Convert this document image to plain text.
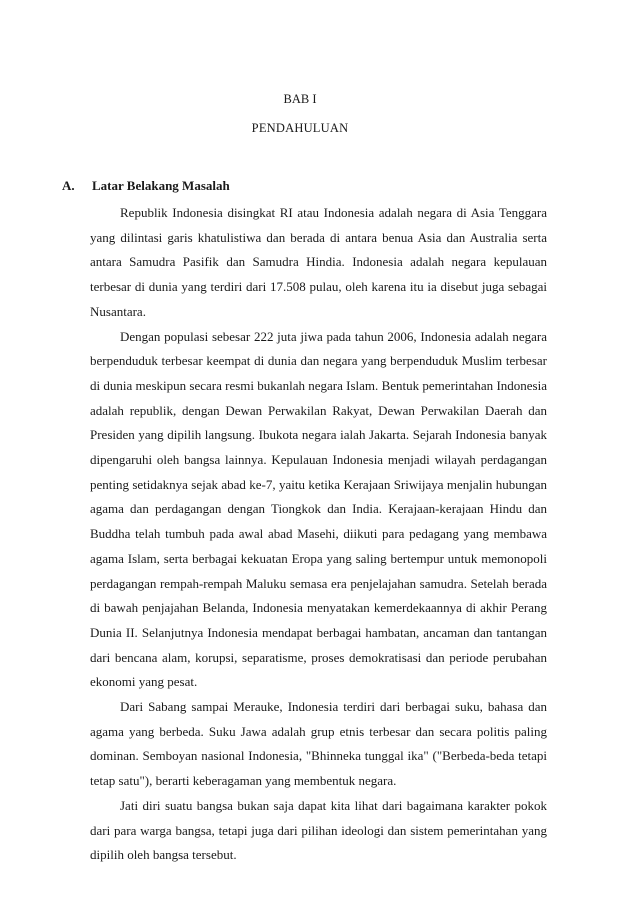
BAB I
PENDAHULUAN
A. Latar Belakang Masalah

Republik Indonesia disingkat RI atau Indonesia adalah negara di Asia Tenggara yang dilintasi garis khatulistiwa dan berada di antara benua Asia dan Australia serta antara Samudra Pasifik dan Samudra Hindia. Indonesia adalah negara kepulauan terbesar di dunia yang terdiri dari 17.508 pulau, oleh karena itu ia disebut juga sebagai Nusantara.

Dengan populasi sebesar 222 juta jiwa pada tahun 2006, Indonesia adalah negara berpenduduk terbesar keempat di dunia dan negara yang berpenduduk Muslim terbesar di dunia meskipun secara resmi bukanlah negara Islam. Bentuk pemerintahan Indonesia adalah republik, dengan Dewan Perwakilan Rakyat, Dewan Perwakilan Daerah dan Presiden yang dipilih langsung. Ibukota negara ialah Jakarta. Sejarah Indonesia banyak dipengaruhi oleh bangsa lainnya. Kepulauan Indonesia menjadi wilayah perdagangan penting setidaknya sejak abad ke-7, yaitu ketika Kerajaan Sriwijaya menjalin hubungan agama dan perdagangan dengan Tiongkok dan India. Kerajaan-kerajaan Hindu dan Buddha telah tumbuh pada awal abad Masehi, diikuti para pedagang yang membawa agama Islam, serta berbagai kekuatan Eropa yang saling bertempur untuk memonopoli perdagangan rempah-rempah Maluku semasa era penjelajahan samudra. Setelah berada di bawah penjajahan Belanda, Indonesia menyatakan kemerdekaannya di akhir Perang Dunia II. Selanjutnya Indonesia mendapat berbagai hambatan, ancaman dan tantangan dari bencana alam, korupsi, separatisme, proses demokratisasi dan periode perubahan ekonomi yang pesat.

Dari Sabang sampai Merauke, Indonesia terdiri dari berbagai suku, bahasa dan agama yang berbeda. Suku Jawa adalah grup etnis terbesar dan secara politis paling dominan. Semboyan nasional Indonesia, "Bhinneka tunggal ika" ("Berbeda-beda tetapi tetap satu"), berarti keberagaman yang membentuk negara.

Jati diri suatu bangsa bukan saja dapat kita lihat dari bagaimana karakter pokok dari para warga bangsa, tetapi juga dari pilihan ideologi dan sistem pemerintahan yang dipilih oleh bangsa tersebut.
